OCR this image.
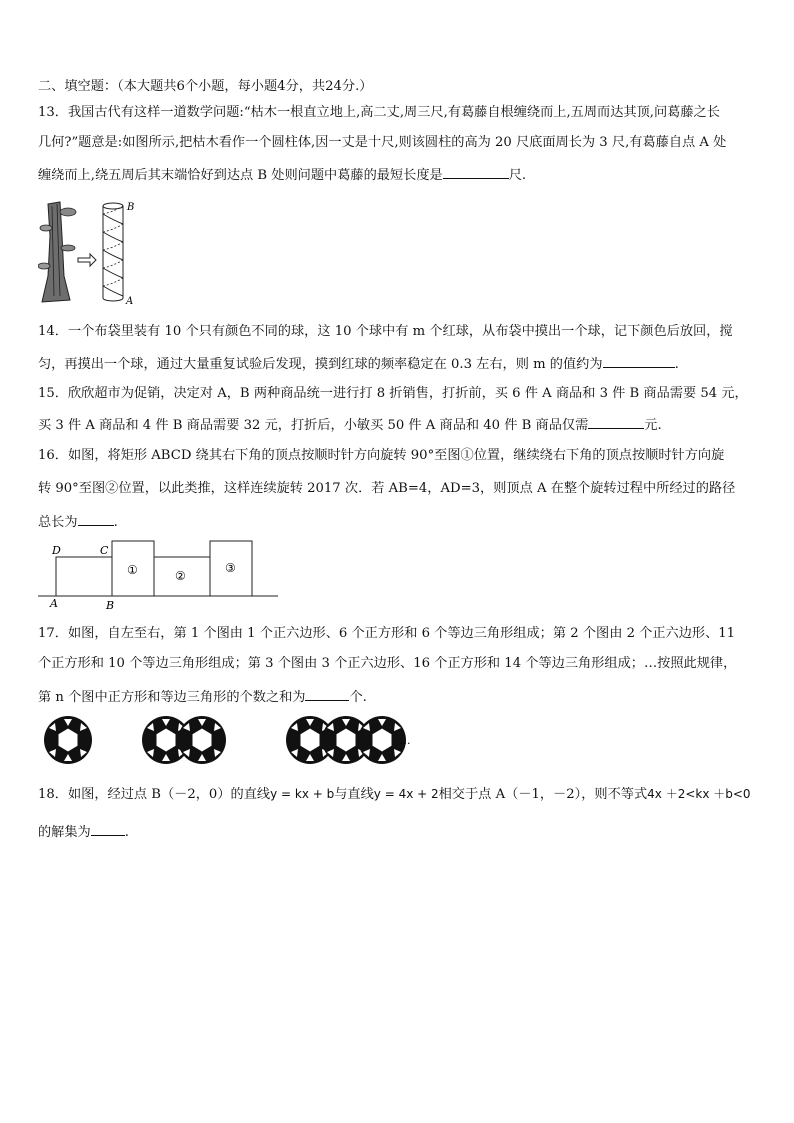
二、填空题：（本大题共6个小题，每小题4分，共24分.）
13．我国古代有这样一道数学问题:“枯木一根直立地上,高二丈,周三尺,有葛藤自根缠绕而上,五周而达其顶,问葛藤之长
几何?”题意是:如图所示,把枯木看作一个圆柱体,因一丈是十尺,则该圆柱的高为 20 尺底面周长为 3 尺,有葛藤自点 A 处
缠绕而上,绕五周后其末端恰好到达点 B 处则问题中葛藤的最短长度是	尺.
B
A
14．一个布袋里装有 10 个只有颜色不同的球，这 10 个球中有 m 个红球，从布袋中摸出一个球，记下颜色后放回，搅
匀，再摸出一个球，通过大量重复试验后发现，摸到红球的频率稳定在 0.3 左右，则 m 的值约为	.
15．欣欣超市为促销，决定对 A，B 两种商品统一进行打 8 折销售，打折前，买 6 件 A 商品和 3 件 B 商品需要 54 元，
买 3 件 A 商品和 4 件 B 商品需要 32 元，打折后，小敏买 50 件 A 商品和 40 件 B 商品仅需	元.
16．如图，将矩形 ABCD 绕其右下角的顶点按顺时针方向旋转 90°至图①位置，继续绕右下角的顶点按顺时针方向旋
转 90°至图②位置，以此类推，这样连续旋转 2017 次．若 AB=4，AD=3，则顶点 A 在整个旋转过程中所经过的路径
总长为	.
D	C
A	B
①	②
③
17．如图，自左至右，第 1 个图由 1 个正六边形、6 个正方形和 6 个等边三角形组成；第 2 个图由 2 个正六边形、11
个正方形和 10 个等边三角形组成；第 3 个图由 3 个正六边形、16 个正方形和 14 个等边三角形组成；…按照此规律，
第 n 个图中正方形和等边三角形的个数之和为	个.
...
18．如图，经过点 B（－2，0）的直线y = kx + b与直线y = 4x + 2相交于点 A（－1，－2），则不等式4x ＋2<kx ＋b<0
的解集为	.
